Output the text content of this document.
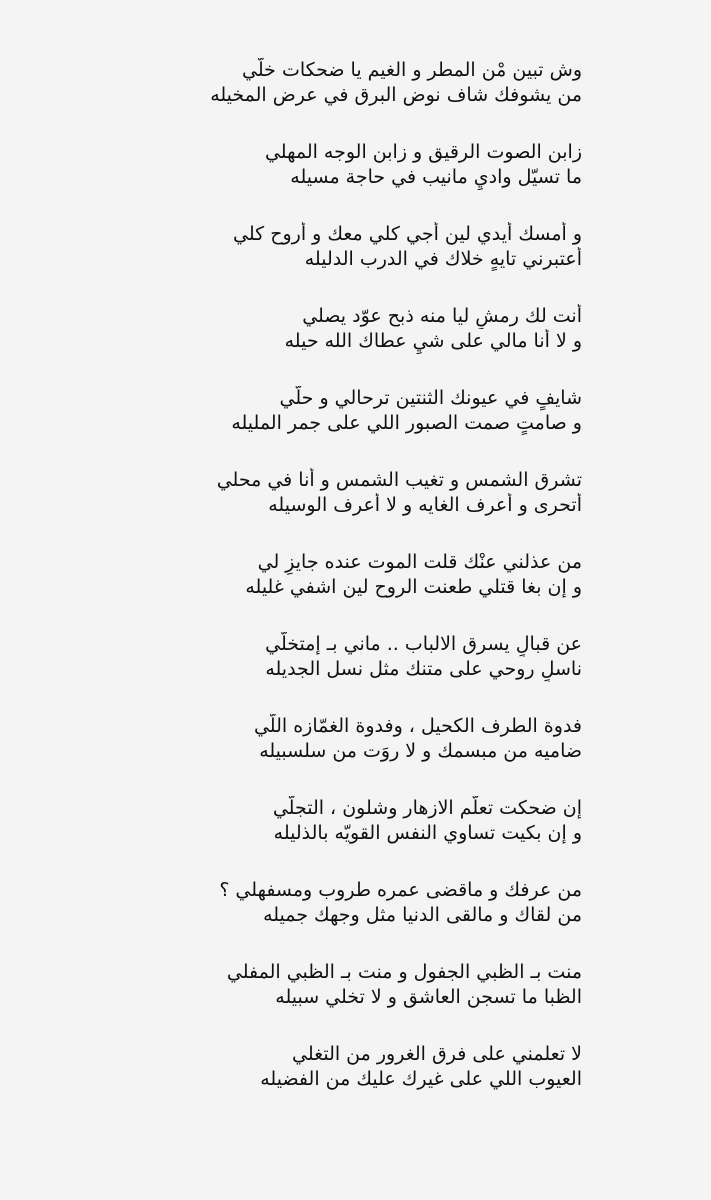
وش تبين مْن المطر و الغيم يا ضحكات خلّي
من يشوفك شاف نوض البرق في عرض المخيله
زابن الصوت الرقيق و زابن الوجه المهلي
ما تسيّل واديٍ مانيب في حاجة مسيله
و أمسك أيدي لين أجي كلي معك و أروح كلي
أعتبرني تايهٍ خلاك في الدرب الدليله
أنت لك رمشٍ ليا منه ذبح عوّد يصلي
و لا أنا مالي على شيٍ عطاك الله حيله
شايفٍ في عيونك الثنتين ترحالي و حلّي
و صامتٍ صمت الصبور اللي على جمر المليله
تشرق الشمس و تغيب الشمس و أنا في محلي
أتحرى و أعرف الغايه و لا أعرف الوسيله
من عذلني عنْك قلت الموت عنده جايزٍ لي
و إن بغا قتلي طعنت الروح لين اشفي غليله
عن قبالٍ يسرق الالباب .. ماني بـ إمتخلّي
ناسلٍ روحي على متنك مثل نسل الجديله
فدوة الطرف الكحيل ، وفدوة الغمّازه اللّي
ضاميه من مبسمك و لا روَت من سلسبيله
إن ضحكت تعلّم الازهار وشلون ، التجلّي
و إن بكيت تساوي النفس القويّه بالذليله
من عرفك و ماقضى عمره طروب ومسفهلي ؟
من لقاك و مالقى الدنيا مثل وجهك جميله
منت بـ الظبي الجفول و منت بـ الظبي المفلي
الظبا ما تسجن العاشق و لا تخلي سبيله
لا تعلمني على فرق الغرور من التغلي
العيوب اللي على غيرك عليك من الفضيله
